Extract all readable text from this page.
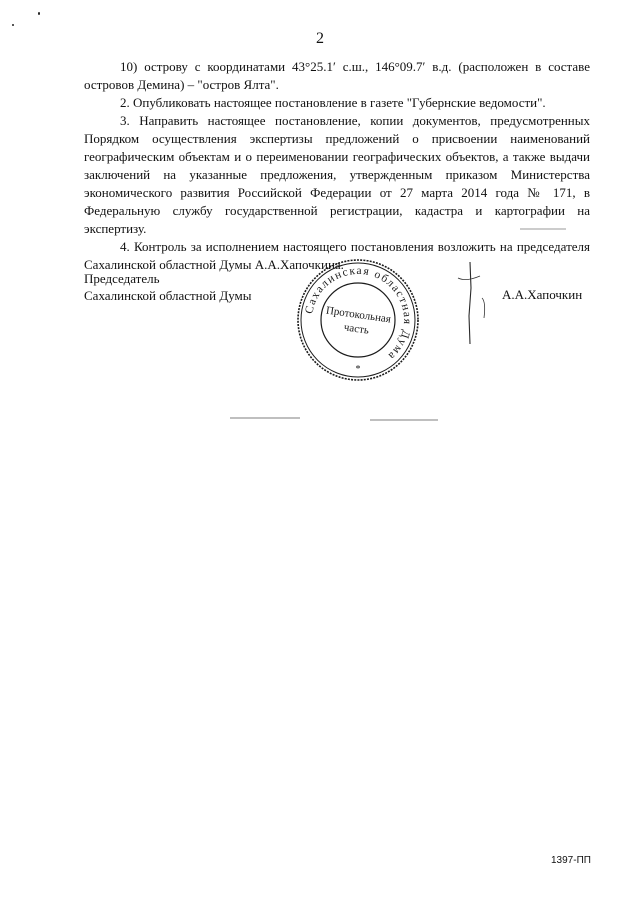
2

10) острову с координатами 43°25.1′ с.ш., 146°09.7′ в.д. (расположен в составе островов Демина) – "остров Ялта".

2. Опубликовать настоящее постановление в газете "Губернские ведомости".

3. Направить настоящее постановление, копии документов, предусмотренных Порядком осуществления экспертизы предложений о присвоении наименований географическим объектам и о переименовании географических объектов, а также выдачи заключений на указанные предложения, утвержденным приказом Министерства экономического развития Российской Федерации от 27 марта 2014 года № 171, в Федеральную службу государственной регистрации, кадастра и картографии на экспертизу.

4. Контроль за исполнением настоящего постановления возложить на председателя Сахалинской областной Думы А.А.Хапочкина.

Председатель
Сахалинской областной Думы
Сахалинская областная Дума
Протокольная
часть
*
А.А.Хапочкин
1397-ПП
